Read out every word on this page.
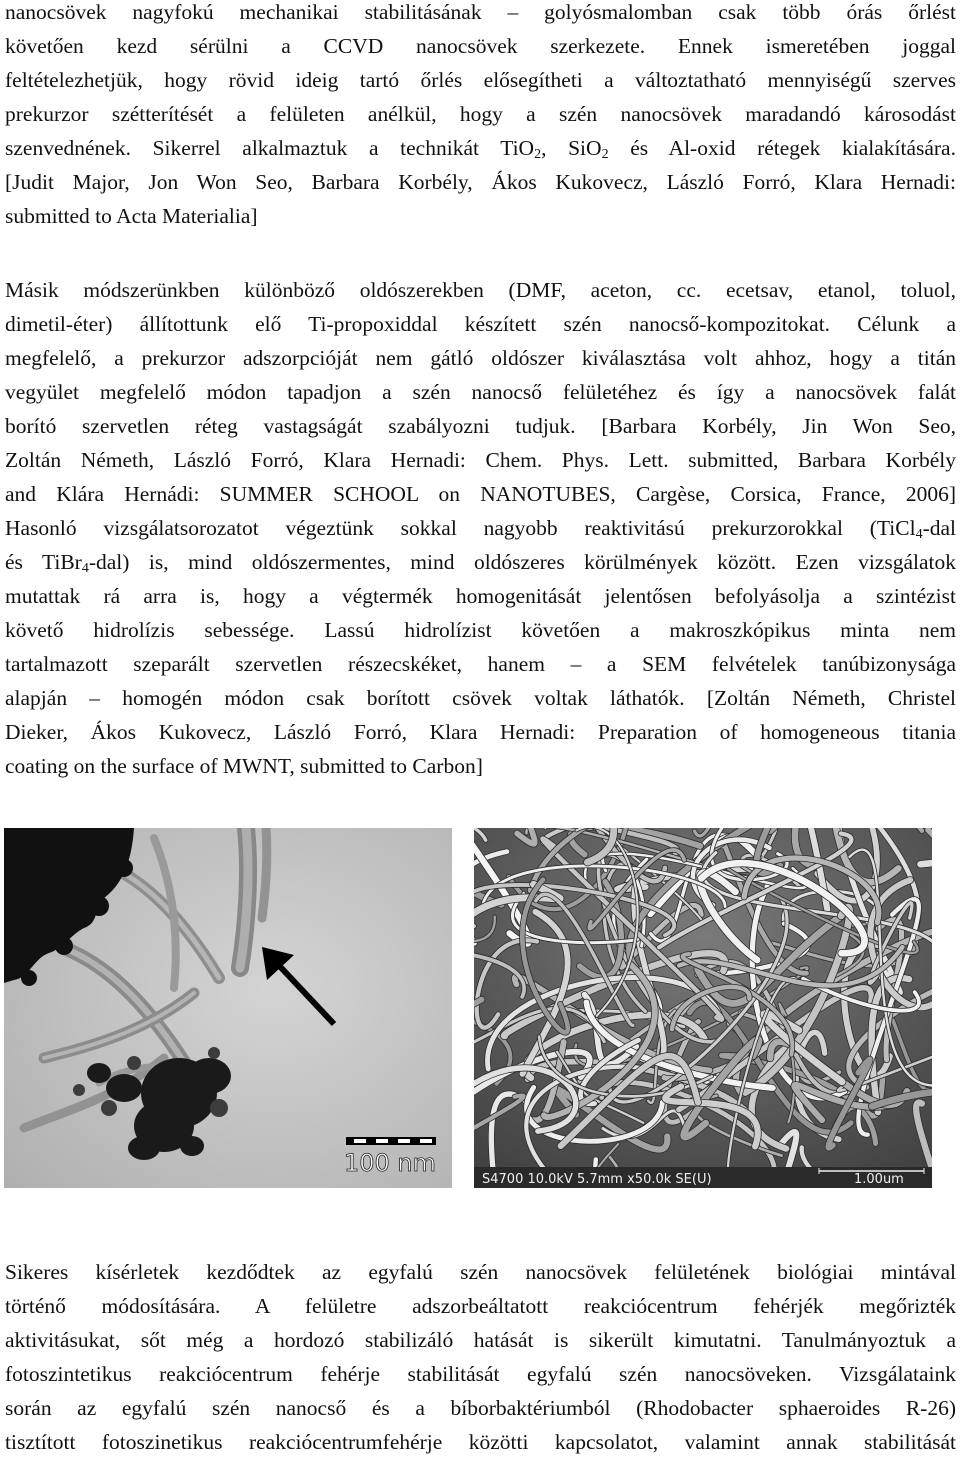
nanocsövek nagyfokú mechanikai stabilitásának – golyósmalomban csak több órás őrlést
követően kezd sérülni a CCVD nanocsövek szerkezete. Ennek ismeretében joggal
feltételezhetjük, hogy rövid ideig tartó őrlés elősegítheti a változtatható mennyiségű szerves
prekurzor szétterítését a felületen anélkül, hogy a szén nanocsövek maradandó károsodást
szenvednének. Sikerrel alkalmaztuk a technikát TiO$_2$, SiO$_2$ és Al-oxid rétegek kialakítására.
[Judit Major, Jon Won Seo, Barbara Korbély, Ákos Kukovecz, László Forró, Klara Hernadi:
submitted to Acta Materialia]
Másik módszerünkben különböző oldószerekben (DMF, aceton, cc. ecetsav, etanol, toluol,
dimetil-éter) állítottunk elő Ti-propoxiddal készített szén nanocső-kompozitokat. Célunk a
megfelelő, a prekurzor adszorpcióját nem gátló oldószer kiválasztása volt ahhoz, hogy a titán
vegyület megfelelő módon tapadjon a szén nanocső felületéhez és így a nanocsövek falát
borító szervetlen réteg vastagságát szabályozni tudjuk. [Barbara Korbély, Jin Won Seo,
Zoltán Németh, László Forró, Klara Hernadi: Chem. Phys. Lett. submitted, Barbara Korbély
and Klára Hernádi: SUMMER SCHOOL on NANOTUBES, Cargèse, Corsica, France, 2006]
Hasonló vizsgálatsorozatot végeztünk sokkal nagyobb reaktivitású prekurzorokkal (TiCl$_4$-dal
és TiBr$_4$-dal) is, mind oldószermentes, mind oldószeres körülmények között. Ezen vizsgálatok
mutattak rá arra is, hogy a végtermék homogenitását jelentősen befolyásolja a szintézist
követő hidrolízis sebessége. Lassú hidrolízist követően a makroszkópikus minta nem
tartalmazott szeparált szervetlen részecskéket, hanem – a SEM felvételek tanúbizonysága
alapján – homogén módon csak borított csövek voltak láthatók. [Zoltán Németh, Christel
Dieker, Ákos Kukovecz, László Forró, Klara Hernadi: Preparation of homogeneous titania
coating on the surface of MWNT, submitted to Carbon]
100 nm
S4700 10.0kV 5.7mm x50.0k SE(U)	1.00um
Sikeres kísérletek kezdődtek az egyfalú szén nanocsövek felületének biológiai mintával
történő módosítására. A felületre adszorbeáltatott reakciócentrum fehérjék megőrizték
aktivitásukat, sőt még a hordozó stabilizáló hatását is sikerült kimutatni. Tanulmányoztuk a
fotoszintetikus reakciócentrum fehérje stabilitását egyfalú szén nanocsöveken. Vizsgálataink
során az egyfalú szén nanocső és a bíborbaktériumból (Rhodobacter sphaeroides R-26)
tisztított fotoszinetikus reakciócentrumfehérje közötti kapcsolatot, valamint annak stabilitását
